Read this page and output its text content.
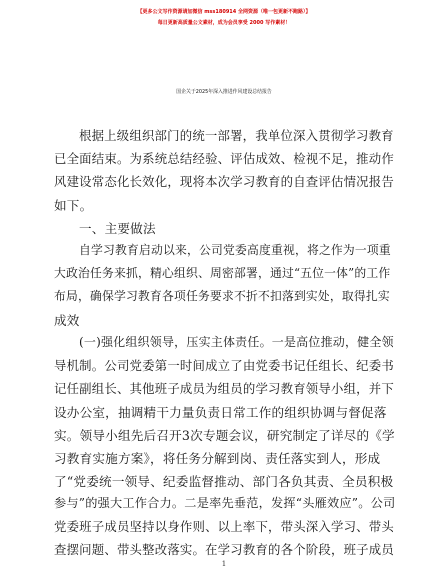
【更多公文写作资源请加微信 mss180914 全网资源（唯一包更新不跑路）】
每日更新高质量公文素材，成为会员享受 2000 写作素材！
国企关于2025年深入推进作风建设总结报告
根据上级组织部门的统一部署，我单位深入贯彻学习教育
已全面结束。为系统总结经验、评估成效、检视不足，推动作
风建设常态化长效化，现将本次学习教育的自查评估情况报告
如下。
一、主要做法
自学习教育启动以来，公司党委高度重视，将之作为一项重
大政治任务来抓，精心组织、周密部署，通过“五位一体”的工作
布局，确保学习教育各项任务要求不折不扣落到实处，取得扎实
成效
(一)强化组织领导，压实主体责任。一是高位推动，健全领
导机制。公司党委第一时间成立了由党委书记任组长、纪委书
记任副组长、其他班子成员为组员的学习教育领导小组，并下
设办公室，抽调精干力量负责日常工作的组织协调与督促落
实。领导小组先后召开3次专题会议，研究制定了详尽的《学
习教育实施方案》，将任务分解到岗、责任落实到人，形成
了“党委统一领导、纪委监督推动、部门各负其责、全员积极
参与”的强大工作合力。二是率先垂范，发挥“头雁效应”。公司
党委班子成员坚持以身作则、以上率下，带头深入学习、带头
查摆问题、带头整改落实。在学习教育的各个阶段，班子成员
1
